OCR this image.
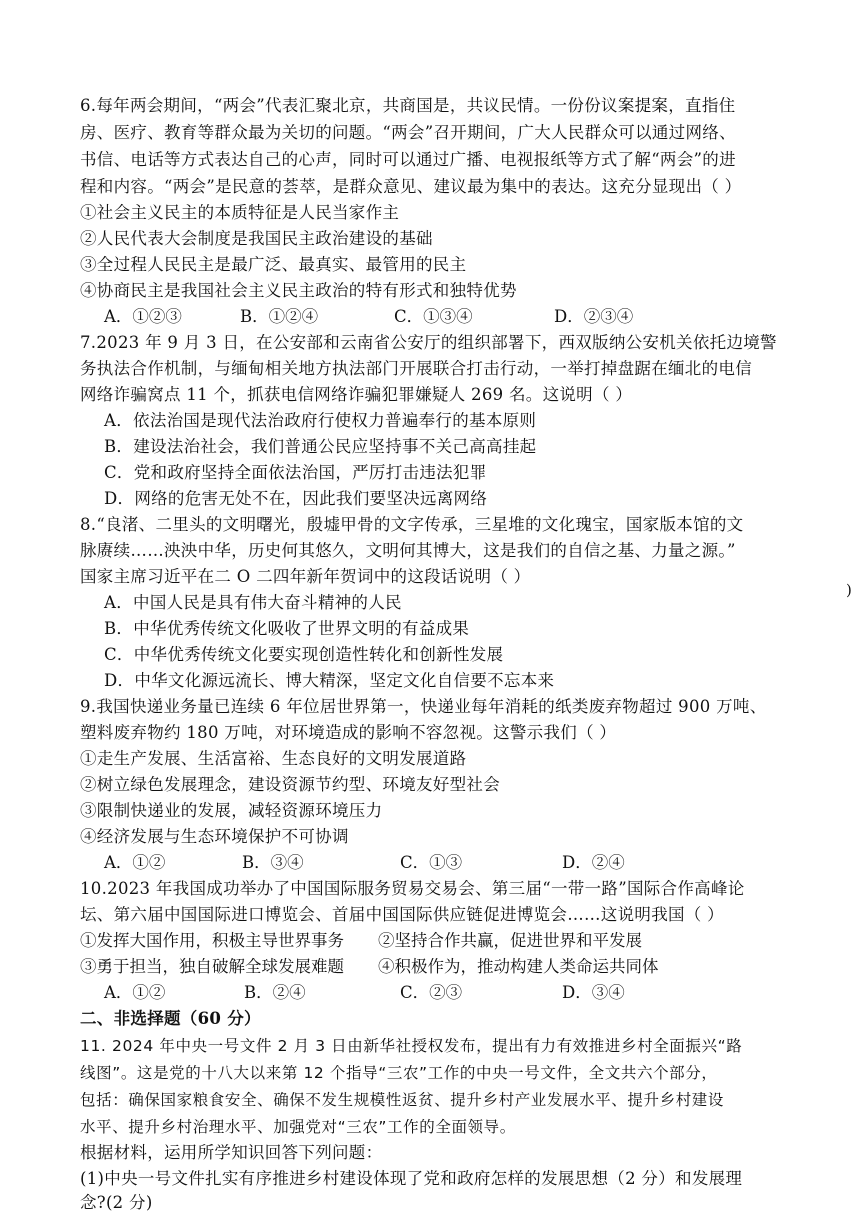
6.每年两会期间，“两会”代表汇聚北京，共商国是，共议民情。一份份议案提案，直指住
房、医疗、教育等群众最为关切的问题。“两会”召开期间，广大人民群众可以通过网络、
书信、电话等方式表达自己的心声，同时可以通过广播、电视报纸等方式了解“两会”的进
程和内容。“两会”是民意的荟萃，是群众意见、建议最为集中的表达。这充分显现出（ ）
①社会主义民主的本质特征是人民当家作主
②人民代表大会制度是我国民主政治建设的基础
③全过程人民民主是最广泛、最真实、最管用的民主
④协商民主是我国社会主义民主政治的特有形式和独特优势
A．①②③	B．①②④	C．①③④	D．②③④
7.2023 年 9 月 3 日，在公安部和云南省公安厅的组织部署下，西双版纳公安机关依托边境警
务执法合作机制，与缅甸相关地方执法部门开展联合打击行动，一举打掉盘踞在缅北的电信
网络诈骗窝点 11 个，抓获电信网络诈骗犯罪嫌疑人 269 名。这说明（ ）
A．依法治国是现代法治政府行使权力普遍奉行的基本原则
B．建设法治社会，我们普通公民应坚持事不关己高高挂起
C．党和政府坚持全面依法治国，严厉打击违法犯罪
D．网络的危害无处不在，因此我们要坚决远离网络
8.“良渚、二里头的文明曙光，殷墟甲骨的文字传承，三星堆的文化瑰宝，国家版本馆的文
脉赓续……泱泱中华，历史何其悠久，文明何其博大，这是我们的自信之基、力量之源。”
国家主席习近平在二 O 二四年新年贺词中的这段话说明（ ）
A．中国人民是具有伟大奋斗精神的人民
B．中华优秀传统文化吸收了世界文明的有益成果
C．中华优秀传统文化要实现创造性转化和创新性发展
D．中华文化源远流长、博大精深，坚定文化自信要不忘本来
9.我国快递业务量已连续 6 年位居世界第一，快递业每年消耗的纸类废弃物超过 900 万吨、
塑料废弃物约 180 万吨，对环境造成的影响不容忽视。这警示我们（ ）
①走生产发展、生活富裕、生态良好的文明发展道路
②树立绿色发展理念，建设资源节约型、环境友好型社会
③限制快递业的发展，减轻资源环境压力
④经济发展与生态环境保护不可协调
A．①②	B．③④	C．①③	D．②④
10.2023 年我国成功举办了中国国际服务贸易交易会、第三届“一带一路”国际合作高峰论
坛、第六届中国国际进口博览会、首届中国国际供应链促进博览会……这说明我国（ ）
①发挥大国作用，积极主导世界事务 ②坚持合作共赢，促进世界和平发展
③勇于担当，独自破解全球发展难题 ④积极作为，推动构建人类命运共同体
A．①②	B．②④	C．②③	D．③④
二、非选择题（60 分）
11. 2024 年中央一号文件 2 月 3 日由新华社授权发布，提出有力有效推进乡村全面振兴“路
线图”。这是党的十八大以来第 12 个指导“三农”工作的中央一号文件，全文共六个部分，
包括：确保国家粮食安全、确保不发生规模性返贫、提升乡村产业发展水平、提升乡村建设
水平、提升乡村治理水平、加强党对“三农”工作的全面领导。
根据材料，运用所学知识回答下列问题：
(1)中央一号文件扎实有序推进乡村建设体现了党和政府怎样的发展思想（2 分）和发展理
念?(2 分)
)
